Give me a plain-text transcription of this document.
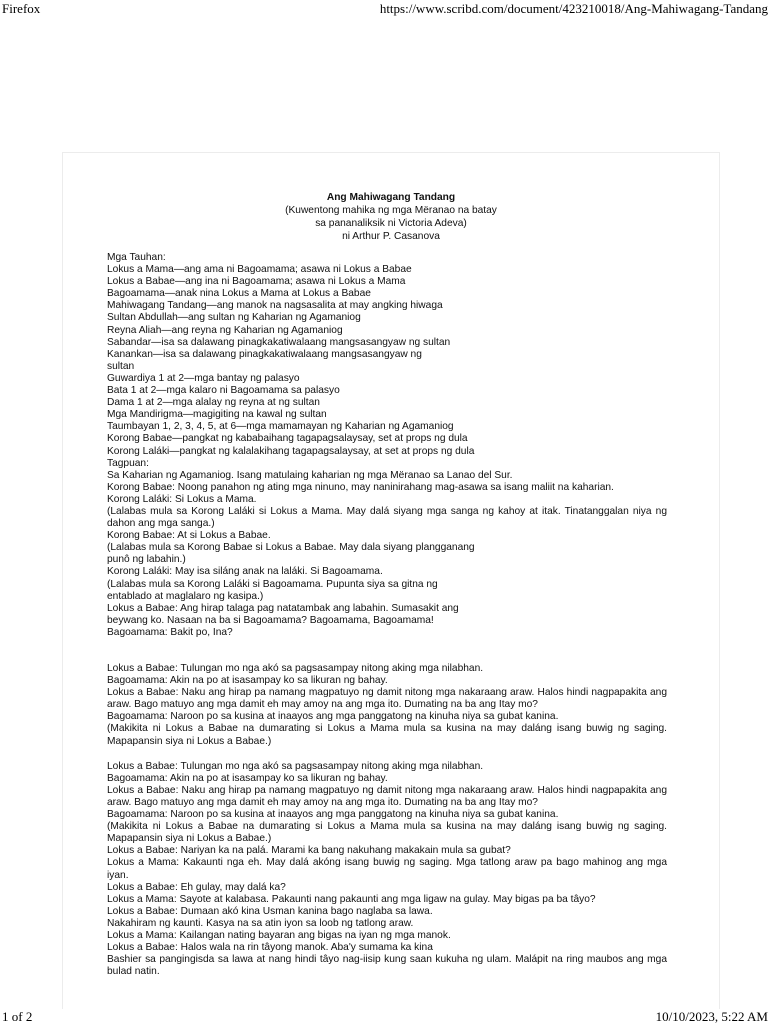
Firefox	https://www.scribd.com/document/423210018/Ang-Mahiwagang-Tandang
Ang Mahiwagang Tandang
(Kuwentong mahika ng mga Mëranao na batay
sa pananaliksik ni Victoria Adeva)
ni Arthur P. Casanova
Mga Tauhan:
Lokus a Mama—ang ama ni Bagoamama; asawa ni Lokus a Babae
Lokus a Babae—ang ina ni Bagoamama; asawa ni Lokus a Mama
Bagoamama—anak nina Lokus a Mama at Lokus a Babae
Mahiwagang Tandang—ang manok na nagsasalita at may angking hiwaga
Sultan Abdullah—ang sultan ng Kaharian ng Agamaniog
Reyna Aliah—ang reyna ng Kaharian ng Agamaniog
Sabandar—isa sa dalawang pinagkakatiwalaang mangsasangyaw ng sultan
Kanankan—isa sa dalawang pinagkakatiwalaang mangsasangyaw ng
sultan
Guwardiya 1 at 2—mga bantay ng palasyo
Bata 1 at 2—mga kalaro ni Bagoamama sa palasyo
Dama 1 at 2—mga alalay ng reyna at ng sultan
Mga Mandirigma—magigiting na kawal ng sultan
Taumbayan 1, 2, 3, 4, 5, at 6—mga mamamayan ng Kaharian ng Agamaniog
Korong Babae—pangkat ng kababaihang tagapagsalaysay, set at props ng dula
Korong Laláki—pangkat ng kalalakihang tagapagsalaysay, at set at props ng dula
Tagpuan:
Sa Kaharian ng Agamaniog. Isang matulaing kaharian ng mga Mëranao sa Lanao del Sur.
Korong Babae: Noong panahon ng ating mga ninuno, may naninirahang mag-asawa sa isang maliit na kaharian.
Korong Laláki: Si Lokus a Mama.
(Lalabas mula sa Korong Laláki si Lokus a Mama. May dalá siyang mga sanga ng kahoy at itak. Tinatanggalan niya ng
dahon ang mga sanga.)
Korong Babae: At si Lokus a Babae.
(Lalabas mula sa Korong Babae si Lokus a Babae. May dala siyang plangganang
punô ng labahin.)
Korong Laláki: May isa siláng anak na laláki. Si Bagoamama.
(Lalabas mula sa Korong Laláki si Bagoamama. Pupunta siya sa gitna ng
entablado at maglalaro ng kasipa.)
Lokus a Babae: Ang hirap talaga pag natatambak ang labahin. Sumasakit ang
beywang ko. Nasaan na ba si Bagoamama? Bagoamama, Bagoamama!
Bagoamama: Bakit po, Ina?
Lokus a Babae: Tulungan mo nga akó sa pagsasampay nitong aking mga nilabhan.
Bagoamama: Akin na po at isasampay ko sa likuran ng bahay.
Lokus a Babae: Naku ang hirap pa namang magpatuyo ng damit nitong mga nakaraang araw. Halos hindi nagpapakita ang
araw. Bago matuyo ang mga damit eh may amoy na ang mga ito. Dumating na ba ang Itay mo?
Bagoamama: Naroon po sa kusina at inaayos ang mga panggatong na kinuha niya sa gubat kanina.
(Makikita ni Lokus a Babae na dumarating si Lokus a Mama mula sa kusina na may daláng isang buwig ng saging.
Mapapansin siya ni Lokus a Babae.)
Lokus a Babae: Tulungan mo nga akó sa pagsasampay nitong aking mga nilabhan.
Bagoamama: Akin na po at isasampay ko sa likuran ng bahay.
Lokus a Babae: Naku ang hirap pa namang magpatuyo ng damit nitong mga nakaraang araw. Halos hindi nagpapakita ang
araw. Bago matuyo ang mga damit eh may amoy na ang mga ito. Dumating na ba ang Itay mo?
Bagoamama: Naroon po sa kusina at inaayos ang mga panggatong na kinuha niya sa gubat kanina.
(Makikita ni Lokus a Babae na dumarating si Lokus a Mama mula sa kusina na may daláng isang buwig ng saging.
Mapapansin siya ni Lokus a Babae.)
Lokus a Babae: Nariyan ka na palá. Marami ka bang nakuhang makakain mula sa gubat?
Lokus a Mama: Kakaunti nga eh. May dalá akóng isang buwig ng saging. Mga tatlong araw pa bago mahinog ang mga
iyan.
Lokus a Babae: Eh gulay, may dalá ka?
Lokus a Mama: Sayote at kalabasa. Pakaunti nang pakaunti ang mga ligaw na gulay. May bigas pa ba tâyo?
Lokus a Babae: Dumaan akó kina Usman kanina bago naglaba sa lawa.
Nakahiram ng kaunti. Kasya na sa atin iyon sa loob ng tatlong araw.
Lokus a Mama: Kailangan nating bayaran ang bigas na iyan ng mga manok.
Lokus a Babae: Halos wala na rin tâyong manok. Aba'y sumama ka kina
Bashier sa pangingisda sa lawa at nang hindi tâyo nag-iisip kung saan kukuha ng ulam. Malápit na ring maubos ang mga
bulad natin.
1 of 2	10/10/2023, 5:22 AM
